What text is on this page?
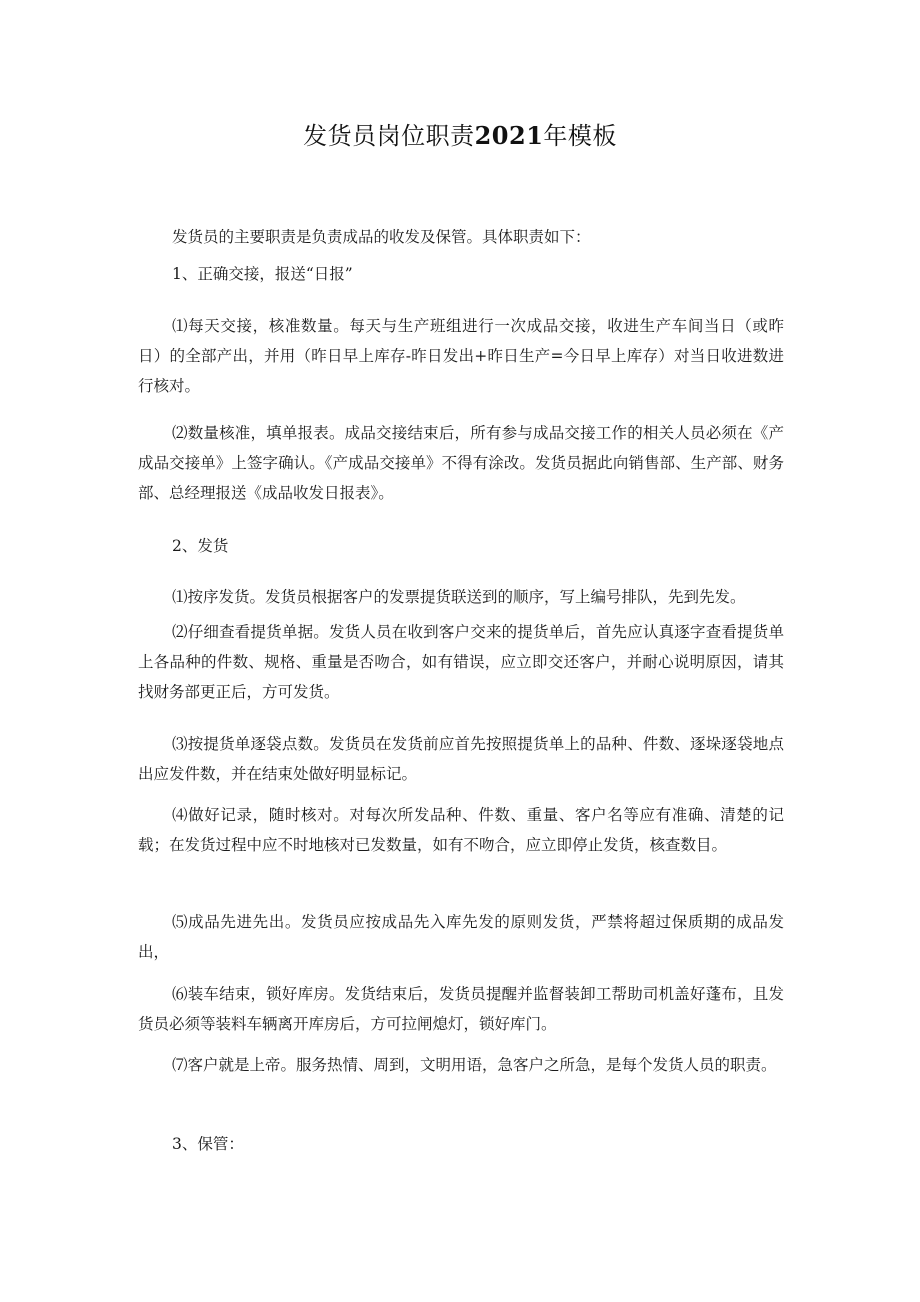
发货员岗位职责2021年模板

发货员的主要职责是负责成品的收发及保管。具体职责如下：

1、正确交接，报送“日报”

⑴每天交接，核准数量。每天与生产班组进行一次成品交接，收进生产车间当日（或昨日）的全部产出，并用（昨日早上库存-昨日发出+昨日生产=今日早上库存）对当日收进数进行核对。

⑵数量核准，填单报表。成品交接结束后，所有参与成品交接工作的相关人员必须在《产成品交接单》上签字确认。《产成品交接单》不得有涂改。发货员据此向销售部、生产部、财务部、总经理报送《成品收发日报表》。

2、发货

⑴按序发货。发货员根据客户的发票提货联送到的顺序，写上编号排队，先到先发。

⑵仔细查看提货单据。发货人员在收到客户交来的提货单后，首先应认真逐字查看提货单上各品种的件数、规格、重量是否吻合，如有错误，应立即交还客户，并耐心说明原因，请其找财务部更正后，方可发货。

⑶按提货单逐袋点数。发货员在发货前应首先按照提货单上的品种、件数、逐垛逐袋地点出应发件数，并在结束处做好明显标记。

⑷做好记录，随时核对。对每次所发品种、件数、重量、客户名等应有准确、清楚的记载；在发货过程中应不时地核对已发数量，如有不吻合，应立即停止发货，核查数目。

⑸成品先进先出。发货员应按成品先入库先发的原则发货，严禁将超过保质期的成品发出，

⑹装车结束，锁好库房。发货结束后，发货员提醒并监督装卸工帮助司机盖好蓬布，且发货员必须等装料车辆离开库房后，方可拉闸熄灯，锁好库门。

⑺客户就是上帝。服务热情、周到，文明用语，急客户之所急，是每个发货人员的职责。

3、保管：
